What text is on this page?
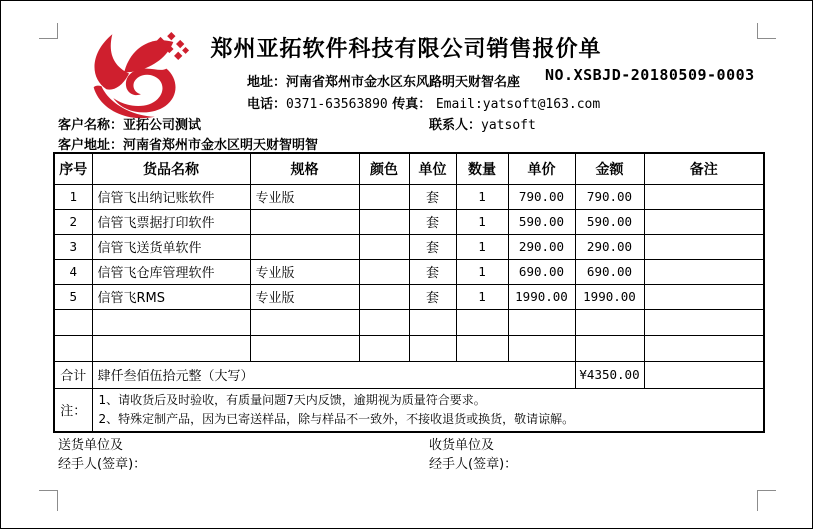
郑州亚拓软件科技有限公司销售报价单
NO.XSBJD-20180509-0003
地址：河南省郑州市金水区东风路明天财智名座
电话：0371-63563890 传真： Email:yatsoft@163.com
客户名称：亚拓公司测试	联系人：yatsoft
客户地址：河南省郑州市金水区明天财智明智
序号	货品名称	规格	颜色	单位	数量	单价	金额	备注
1	信管飞出纳记账软件	专业版		套	1	790.00	790.00	
2	信管飞票据打印软件			套	1	590.00	590.00	
3	信管飞送货单软件			套	1	290.00	290.00	
4	信管飞仓库管理软件	专业版		套	1	690.00	690.00	
5	信管飞RMS	专业版		套	1	1990.00	1990.00	

合计	肆仟叁佰伍拾元整（大写）						¥4350.00	
注：	1、请收货后及时验收，有质量问题7天内反馈，逾期视为质量符合要求。
2、特殊定制产品，因为已寄送样品，除与样品不一致外，不接收退货或换货，敬请谅解。							
送货单位及
经手人(签章)：
收货单位及
经手人(签章)：
